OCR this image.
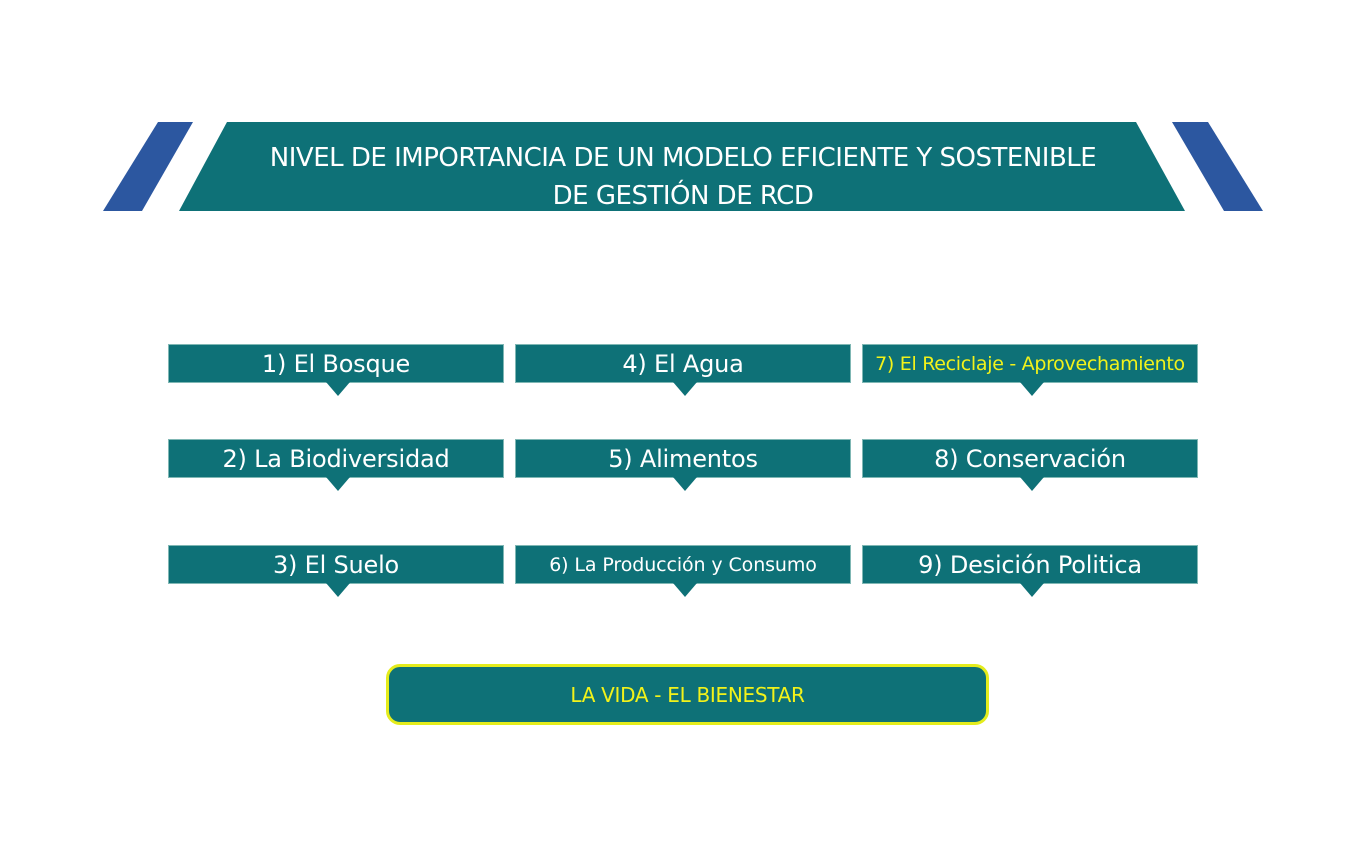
NIVEL DE IMPORTANCIA DE UN MODELO EFICIENTE Y SOSTENIBLE
DE GESTIÓN DE RCD
1) El Bosque
2) La Biodiversidad
3) El Suelo
4) El Agua
5) Alimentos
6) La Producción y Consumo
7) El Reciclaje - Aprovechamiento
8) Conservación
9) Desición Politica
LA VIDA - EL BIENESTAR
